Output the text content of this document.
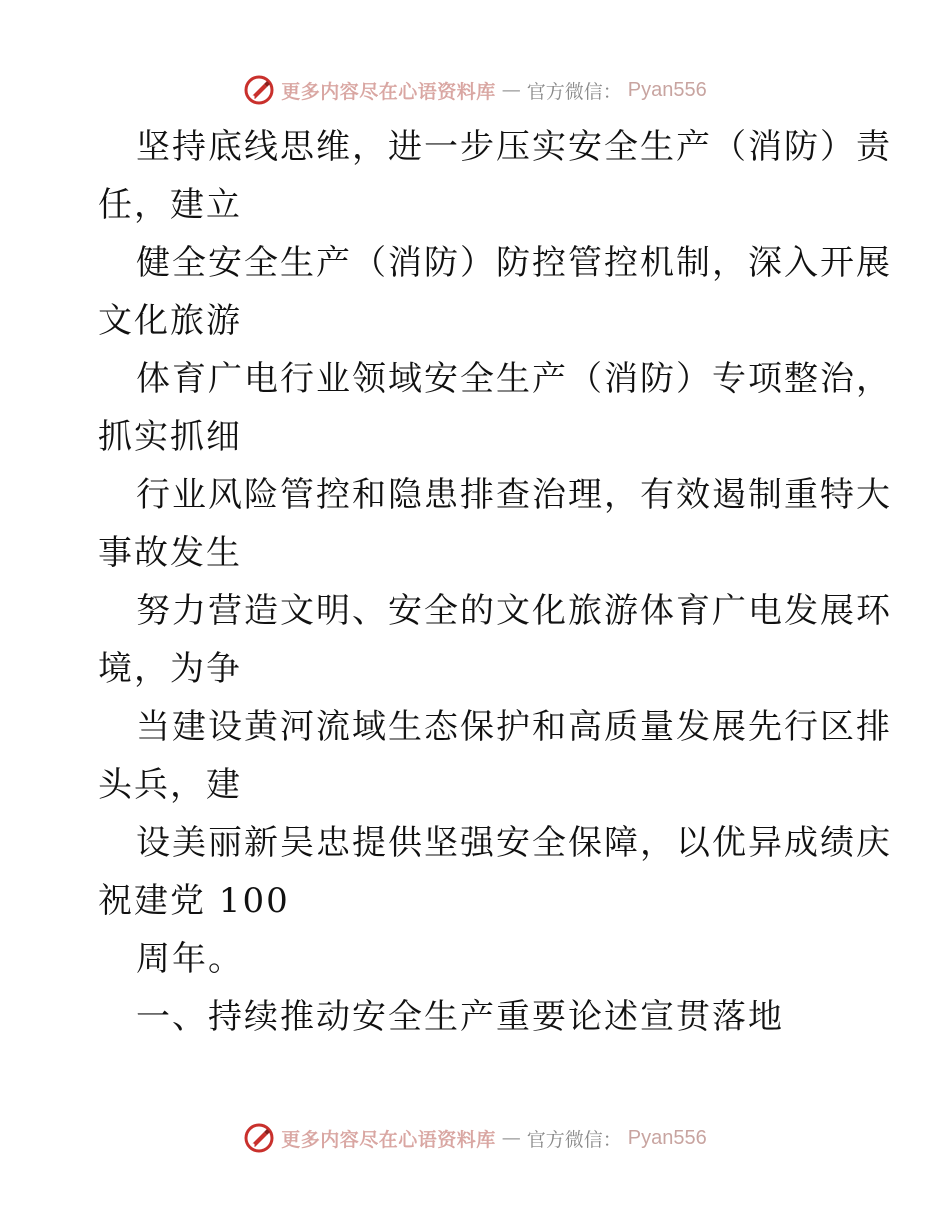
更多内容尽在心语资料库 — 官方微信： Pyan556
坚持底线思维，进一步压实安全生产（消防）责
任，建立
健全安全生产（消防）防控管控机制，深入开展
文化旅游
体育广电行业领域安全生产（消防）专项整治，
抓实抓细
行业风险管控和隐患排查治理，有效遏制重特大
事故发生
努力营造文明、安全的文化旅游体育广电发展环
境，为争
当建设黄河流域生态保护和高质量发展先行区排
头兵，建
设美丽新吴忠提供坚强安全保障，以优异成绩庆
祝建党 100
周年。
一、持续推动安全生产重要论述宣贯落地
更多内容尽在心语资料库 — 官方微信： Pyan556
